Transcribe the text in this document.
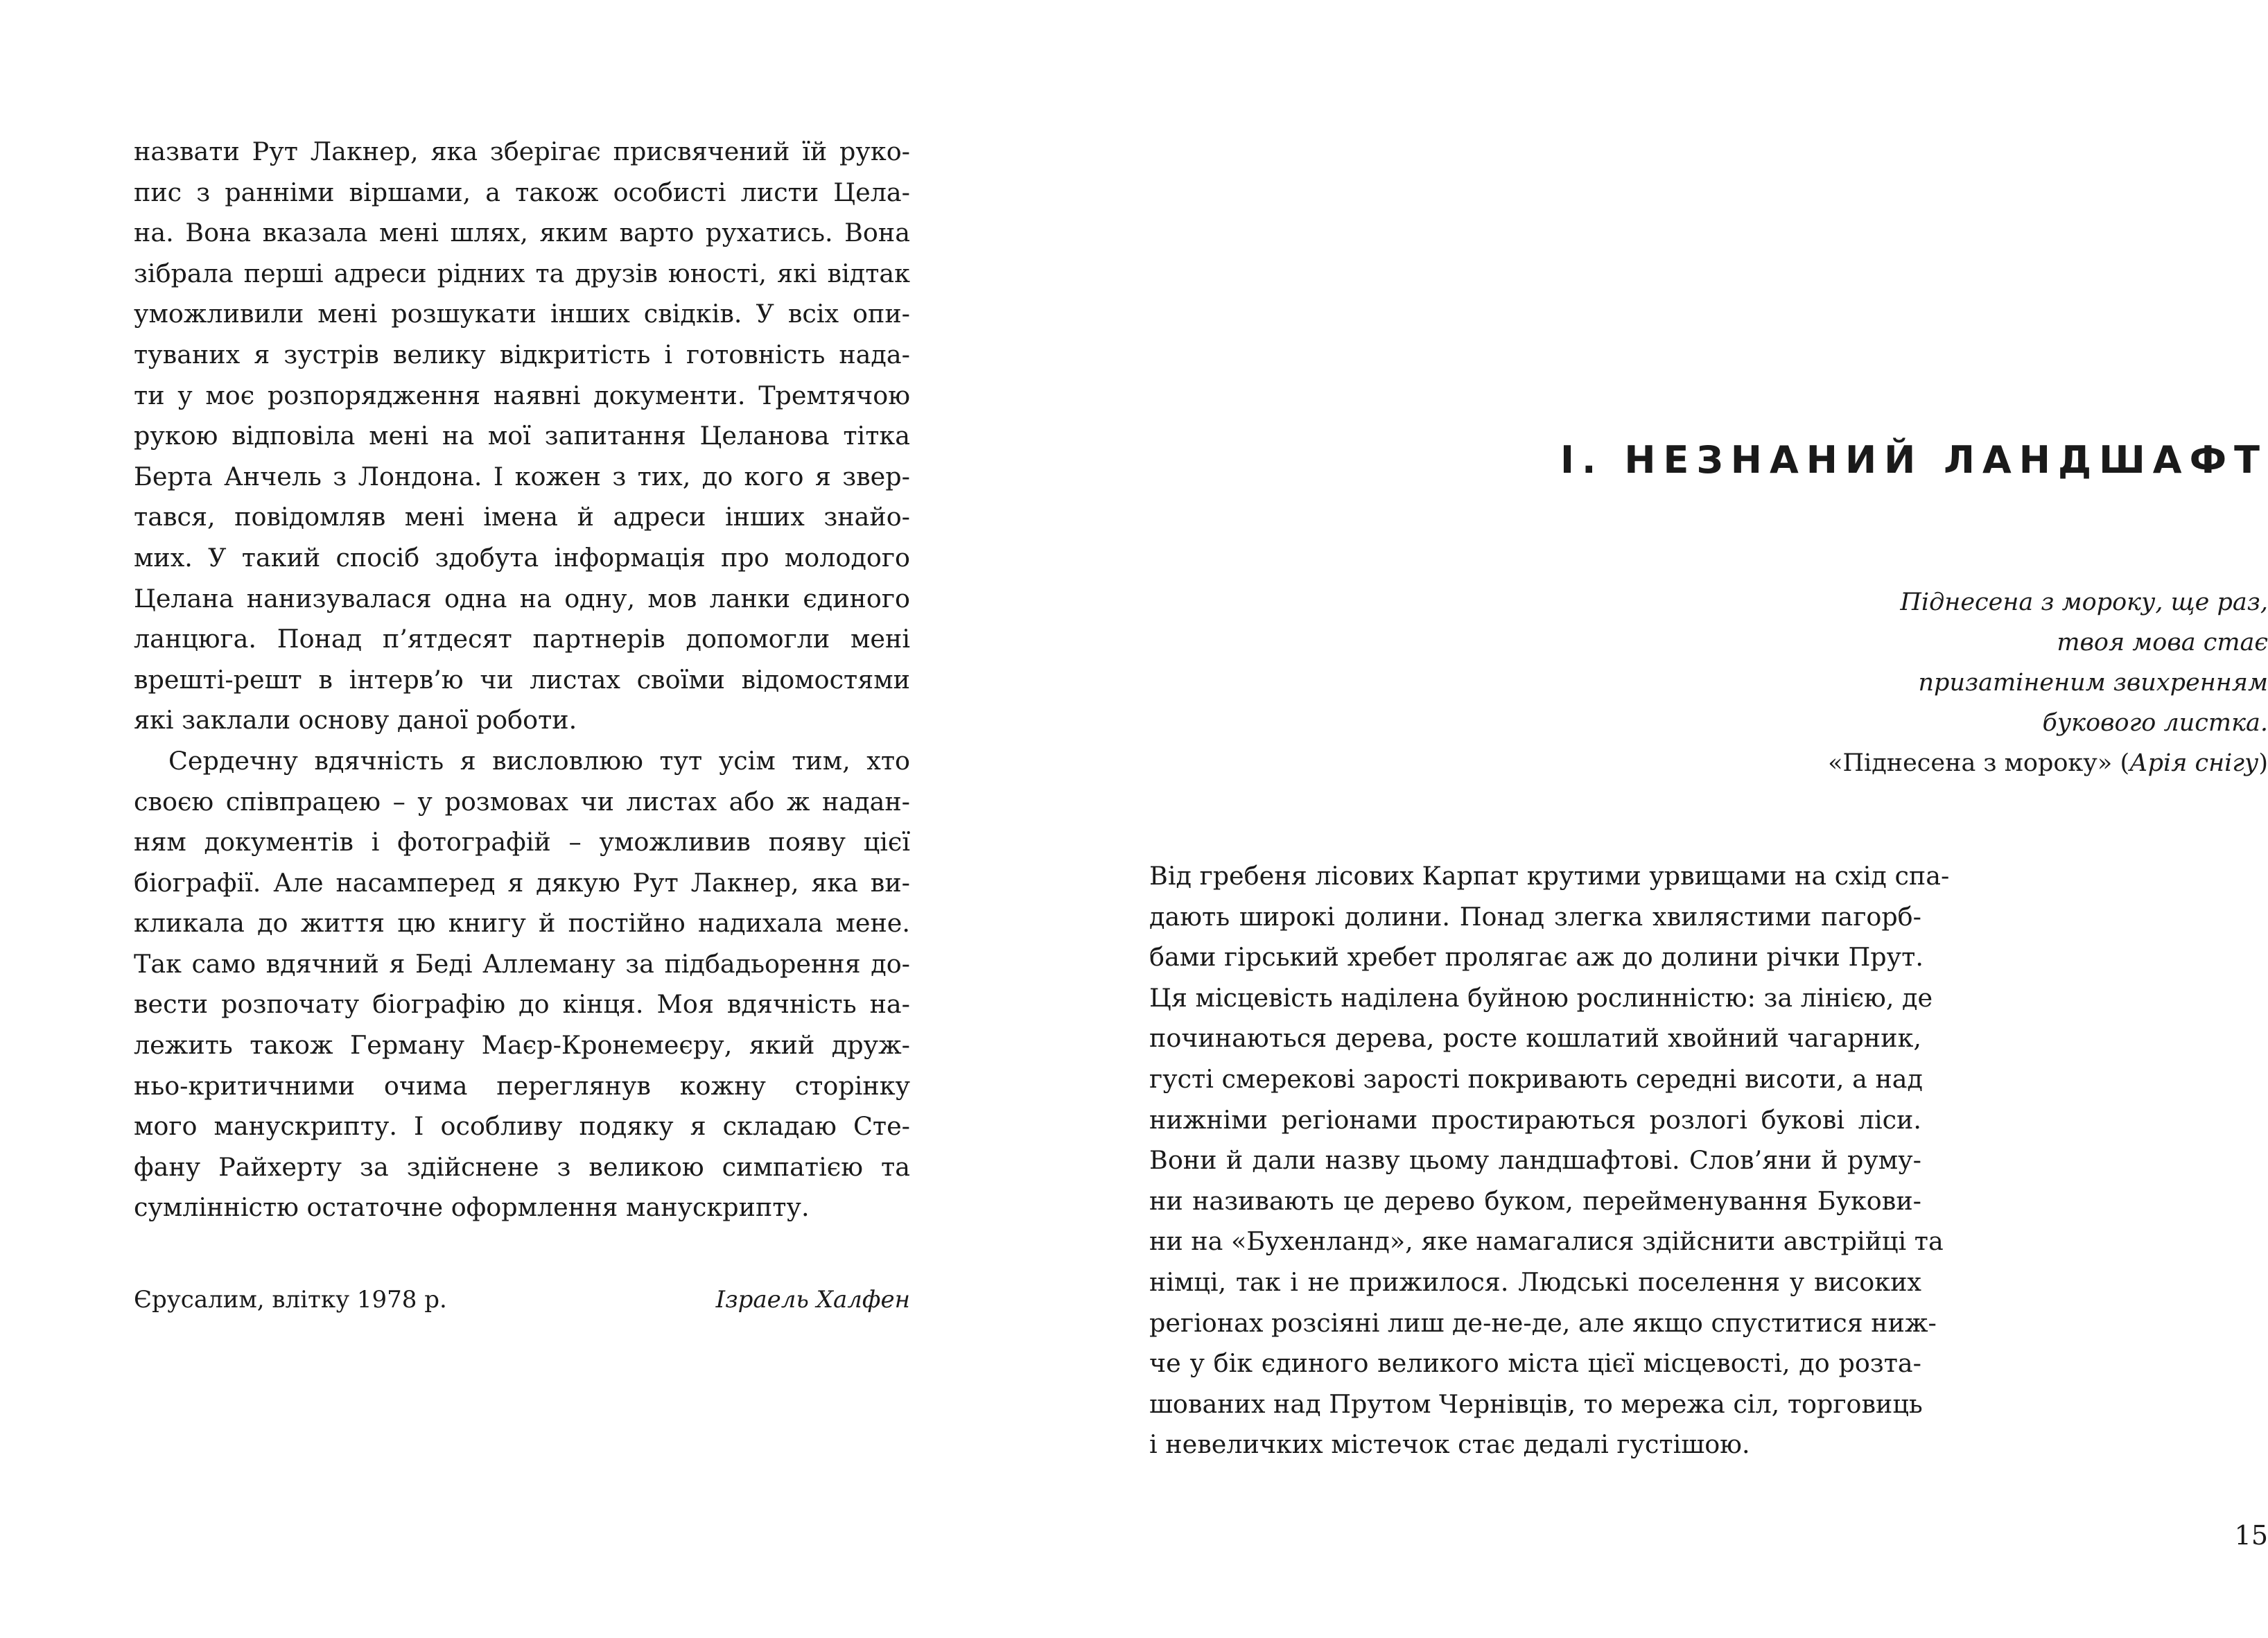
назвати Рут Лакнер, яка зберігає присвячений їй руко-
пис з ранніми віршами, а також особисті листи Цела-
на. Вона вказала мені шлях, яким варто рухатись. Вона
зібрала перші адреси рідних та друзів юності, які відтак
уможливили мені розшукати інших свідків. У всіх опи-
туваних я зустрів велику відкритість і готовність нада-
ти у моє розпорядження наявні документи. Тремтячою
рукою відповіла мені на мої запитання Целанова тітка
Берта Анчель з Лондона. І кожен з тих, до кого я звер-
тався, повідомляв мені імена й адреси інших знайо-
мих. У такий спосіб здобута інформація про молодого
Целана нанизувалася одна на одну, мов ланки єдиного
ланцюга. Понад п’ятдесят партнерів допомогли мені
врешті-решт в інтерв’ю чи листах своїми відомостями
які заклали основу даної роботи.

Сердечну вдячність я висловлюю тут усім тим, хто
своєю співпрацею – у розмовах чи листах або ж надан-
ням документів і фотографій – уможливив появу цієї
біографії. Але насамперед я дякую Рут Лакнер, яка ви-
кликала до життя цю книгу й постійно надихала мене.
Так само вдячний я Беді Аллеману за підбадьорення до-
вести розпочату біографію до кінця. Моя вдячність на-
лежить також Герману Маєр-Кронемеєру, який друж-
ньо-критичними очима переглянув кожну сторінку
мого манускрипту. І особливу подяку я складаю Сте-
фану Райхерту за здійснене з великою симпатією та
сумлінністю остаточне оформлення манускрипту.

Єрусалим, влітку 1978 р.	Ізраель Халфен
I. НЕЗНАНИЙ ЛАНДШАФТ
Піднесена з мороку, ще раз,
твоя мова стає
призатіненим звихренням
букового листка.
«Піднесена з мороку» (Арія снігу)

Від гребеня лісових Карпат крутими урвищами на схід спа-
дають широкі долини. Понад злегка хвилястими пагорб-
бами гірський хребет пролягає аж до долини річки Прут.
Ця місцевість наділена буйною рослинністю: за лінією, де
починаються дерева, росте кошлатий хвойний чагарник,
густі смерекові зарості покривають середні висоти, а над
нижніми регіонами простираються розлогі букові ліси.
Вони й дали назву цьому ландшафтові. Слов’яни й руму-
ни називають це дерево буком, перейменування Букови-
ни на «Бухенланд», яке намагалися здійснити австрійці та
німці, так і не прижилося. Людські поселення у високих
регіонах розсіяні лиш де-не-де, але якщо спуститися ниж-
че у бік єдиного великого міста цієї місцевості, до розта-
шованих над Прутом Чернівців, то мережа сіл, торговиць
і невеличких містечок стає дедалі густішою.

15
